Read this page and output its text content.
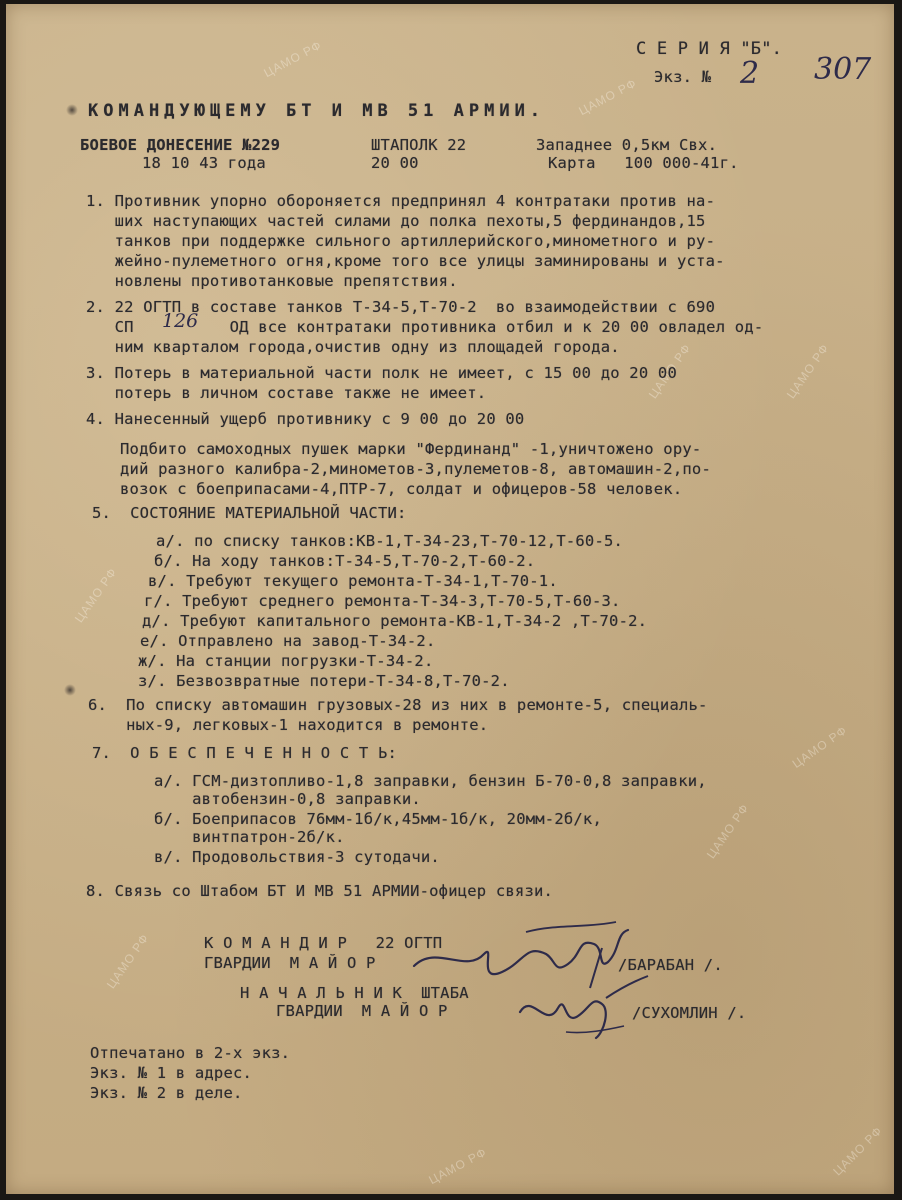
ЦАМО РФ
ЦАМО РФ
ЦАМО РФ	ЦАМО РФ
ЦАМО РФ
ЦАМО РФ
ЦАМО РФ
ЦАМО РФ
ЦАМО РФ	ЦАМО РФ
С Е Р И Я "Б".
Экз. № 2 307
КОМАНДУЮЩЕМУ БТ И МВ 51 АРМИИ.
БОЕВОЕ ДОНЕСЕНИЕ №229	ШТАПОЛК 22	Западнее 0,5км Свх.
18 10 43 года	20 00	Карта   100 000-41г.
1. Противник упорно обороняется предпринял 4 контратаки против на-
ших наступающих частей силами до полка пехоты,5 фердинандов,15
танков при поддержке сильного артиллерийского,минометного и ру-
жейно-пулеметного огня,кроме того все улицы заминированы и уста-
новлены противотанковые препятствия.
2. 22 ОГТП в составе танков Т-34-5,Т-70-2  во взаимодействии с 690
СП 126 ОД все контратаки противника отбил и к 20 00 овладел од-
ним кварталом города,очистив одну из площадей города.
3. Потерь в материальной части полк не имеет, с 15 00 до 20 00
потерь в личном составе также не имеет.
4. Нанесенный ущерб противнику с 9 00 до 20 00
Подбито самоходных пушек марки "Фердинанд" -1,уничтожено ору-
дий разного калибра-2,минометов-3,пулеметов-8, автомашин-2,по-
возок с боеприпасами-4,ПТР-7, солдат и офицеров-58 человек.
5.  СОСТОЯНИЕ МАТЕРИАЛЬНОЙ ЧАСТИ:
а/. по списку танков:КВ-1,Т-34-23,Т-70-12,Т-60-5.
б/. На ходу танков:Т-34-5,Т-70-2,Т-60-2.
в/. Требуют текущего ремонта-Т-34-1,Т-70-1.
г/. Требуют среднего ремонта-Т-34-3,Т-70-5,Т-60-3.
д/. Требуют капитального ремонта-КВ-1,Т-34-2 ,Т-70-2.
е/. Отправлено на завод-Т-34-2.
ж/. На станции погрузки-Т-34-2.
з/. Безвозвратные потери-Т-34-8,Т-70-2.
6.  По списку автомашин грузовых-28 из них в ремонте-5, специаль-
ных-9, легковых-1 находится в ремонте.
7.  О Б Е С П Е Ч Е Н Н О С Т Ь:
а/. ГСМ-дизтопливо-1,8 заправки, бензин Б-70-0,8 заправки,
автобензин-0,8 заправки.
б/. Боеприпасов 76мм-1б/к,45мм-1б/к, 20мм-2б/к,
винтпатрон-2б/к.
в/. Продовольствия-3 сутодачи.
8. Связь со Штабом БТ И МВ 51 АРМИИ-офицер связи.
К О М А Н Д И Р   22 ОГТП
ГВАРДИИ  М А Й О Р	/БАРАБАН /.
Н А Ч А Л Ь Н И К  ШТАБА
ГВАРДИИ  М А Й О Р	/СУХОМЛИН /.
Отпечатано в 2-х экз.
Экз. № 1 в адрес.
Экз. № 2 в деле.
